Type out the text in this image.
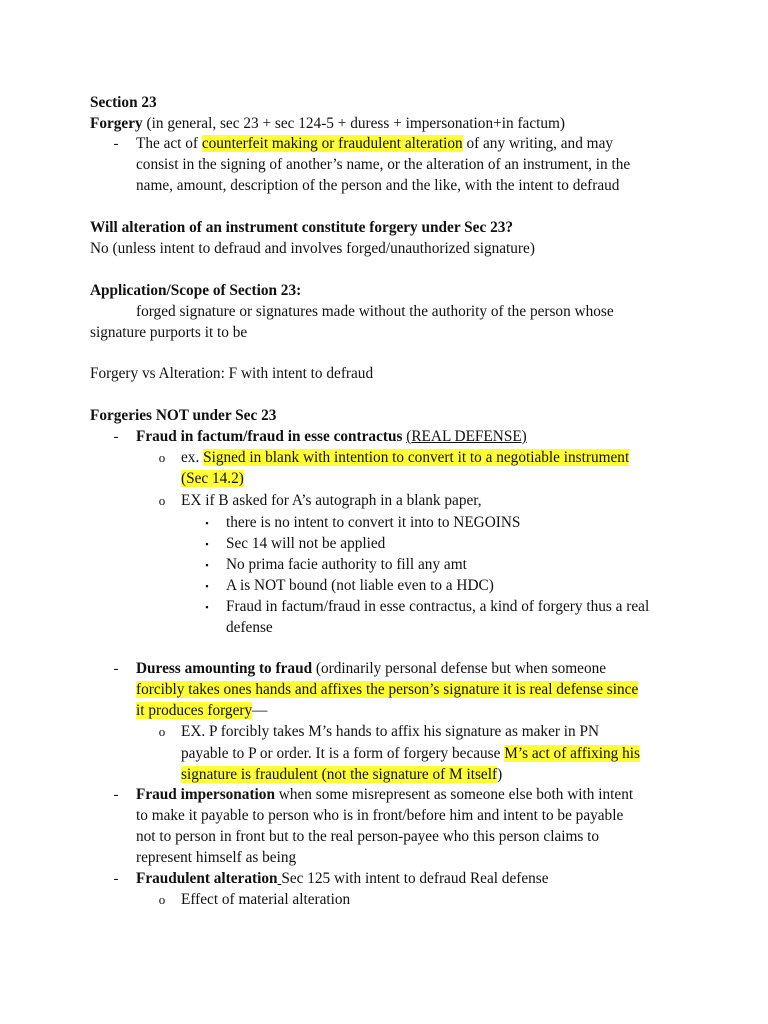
Section 23
Forgery (in general, sec 23 + sec 124-5 + duress + impersonation+in factum)
-	The act of counterfeit making or fraudulent alteration of any writing, and may
consist in the signing of another’s name, or the alteration of an instrument, in the
name, amount, description of the person and the like, with the intent to defraud
Will alteration of an instrument constitute forgery under Sec 23?
No (unless intent to defraud and involves forged/unauthorized signature)
Application/Scope of Section 23:
forged signature or signatures made without the authority of the person whose
signature purports it to be
Forgery vs Alteration: F with intent to defraud
Forgeries NOT under Sec 23
-	Fraud in factum/fraud in esse contractus (REAL DEFENSE)
o	ex. Signed in blank with intention to convert it to a negotiable instrument
(Sec 14.2)
o	EX if B asked for A’s autograph in a blank paper,
▪	there is no intent to convert it into to NEGOINS
▪	Sec 14 will not be applied
▪	No prima facie authority to fill any amt
▪	A is NOT bound (not liable even to a HDC)
▪	Fraud in factum/fraud in esse contractus, a kind of forgery thus a real
defense
-	Duress amounting to fraud (ordinarily personal defense but when someone
forcibly takes ones hands and affixes the person’s signature it is real defense since
it produces forgery—
o	EX. P forcibly takes M’s hands to affix his signature as maker in PN
payable to P or order. It is a form of forgery because M’s act of affixing his
signature is fraudulent (not the signature of M itself)
-	Fraud impersonation when some misrepresent as someone else both with intent
to make it payable to person who is in front/before him and intent to be payable
not to person in front but to the real person-payee who this person claims to
represent himself as being
-	Fraudulent alteration Sec 125 with intent to defraud Real defense
o	Effect of material alteration
